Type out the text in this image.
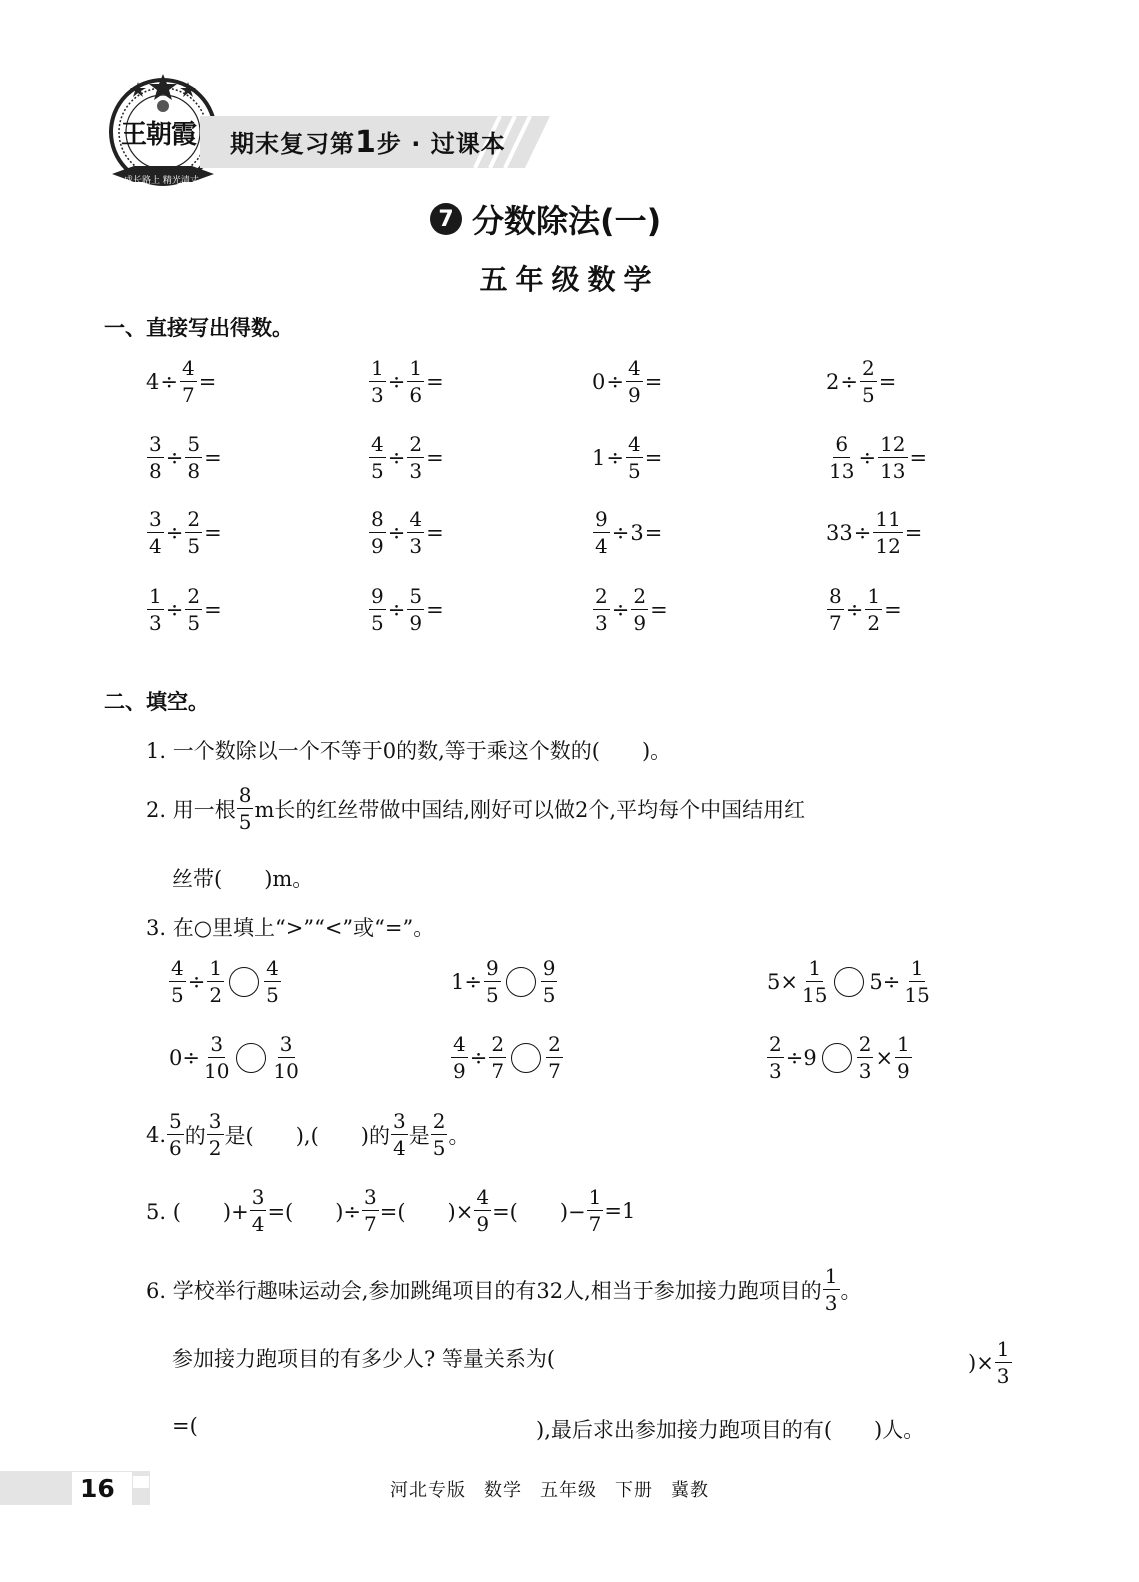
王朝霞
成长路上 精光清丈
期末复习第1步 · 过课本
7 分数除法(一)
五年级数学
一、直接写出得数。
$4 \div \frac{4}{7}$ =	$\frac{1}{3} \div \frac{1}{6}$ =	$0 \div \frac{4}{9}$ =	$2 \div \frac{2}{5}$ =
$\frac{3}{8} \div \frac{5}{8}$ =	$\frac{4}{5} \div \frac{2}{3}$ =	$1 \div \frac{4}{5}$ =	$\frac{6}{13} \div \frac{12}{13}$ =
$\frac{3}{4} \div \frac{2}{5}$ =	$\frac{8}{9} \div \frac{4}{3}$ =	$\frac{9}{4} \div 3$ =	$33 \div \frac{11}{12}$ =
$\frac{1}{3} \div \frac{2}{5}$ =	$\frac{9}{5} \div \frac{5}{9}$ =	$\frac{2}{3} \div \frac{2}{9}$ =	$\frac{8}{7} \div \frac{1}{2}$ =
二、填空。
1. 一个数除以一个不等于0的数,等于乘这个数的(　　)。
2. 用一根 $\frac{8}{5}$ m长的红丝带做中国结,刚好可以做2个,平均每个中国结用红
丝带(　　)m。
3. 在○里填上“>”“<”或“=”。
$\frac{4}{5} \div \frac{1}{2} \frac{4}{5}$	$1\div \frac{9}{5} \frac{9}{5}$	$5\times \frac{1}{15} 5\div \frac{1}{15}$
$0\div \frac{3}{10} \frac{3}{10}$	$\frac{4}{9} \div \frac{2}{7} \frac{2}{7}$	$\frac{2}{3} \div 9 \frac{2}{3} \times \frac{1}{9}$
4. $\frac{5}{6}$ 的 $\frac{3}{2}$ 是(　　),(　　)的 $\frac{3}{4}$ 是 $\frac{2}{5}$ 。
5. (　　)+ $\frac{3}{4}$ =(　　)÷ $\frac{3}{7}$ =(　　)× $\frac{4}{9}$ =(　　)− $\frac{1}{7} =1$
6. 学校举行趣味运动会,参加跳绳项目的有32人,相当于参加接力跑项目的 $\frac{1}{3}$ 。
参加接力跑项目的有多少人? 等量关系为(	)× $\frac{1}{3}$
=(	),最后求出参加接力跑项目的有(　　)人。
16	河北专版 数学 五年级 下册 冀教
